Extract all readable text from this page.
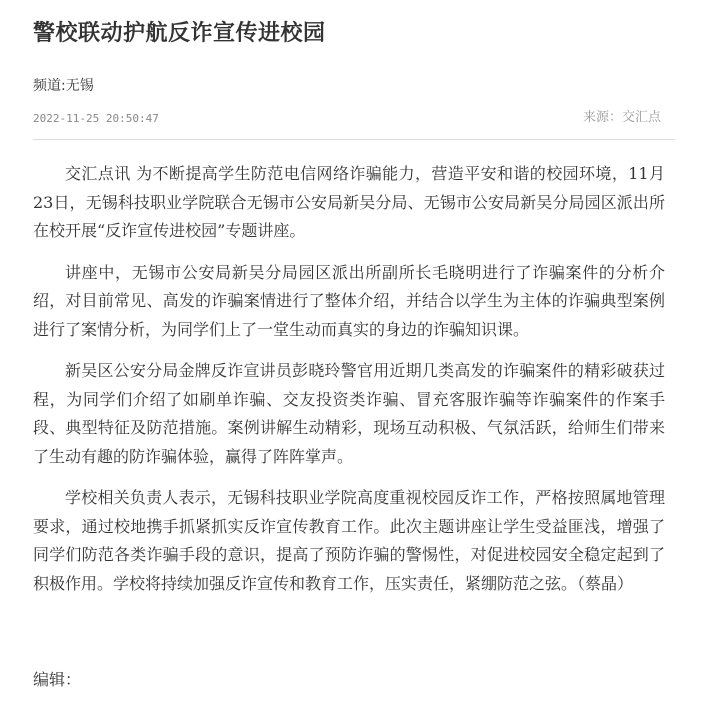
警校联动护航反诈宣传进校园
频道:无锡
2022-11-25 20:50:47	来源：交汇点

交汇点讯 为不断提高学生防范电信网络诈骗能力，营造平安和谐的校园环境，11月23日，无锡科技职业学院联合无锡市公安局新吴分局、无锡市公安局新吴分局园区派出所在校开展“反诈宣传进校园”专题讲座。

讲座中，无锡市公安局新吴分局园区派出所副所长毛晓明进行了诈骗案件的分析介绍，对目前常见、高发的诈骗案情进行了整体介绍，并结合以学生为主体的诈骗典型案例进行了案情分析，为同学们上了一堂生动而真实的身边的诈骗知识课。

新吴区公安分局金牌反诈宣讲员彭晓玲警官用近期几类高发的诈骗案件的精彩破获过程，为同学们介绍了如刷单诈骗、交友投资类诈骗、冒充客服诈骗等诈骗案件的作案手段、典型特征及防范措施。案例讲解生动精彩，现场互动积极、气氛活跃，给师生们带来了生动有趣的防诈骗体验，赢得了阵阵掌声。

学校相关负责人表示，无锡科技职业学院高度重视校园反诈工作，严格按照属地管理要求，通过校地携手抓紧抓实反诈宣传教育工作。此次主题讲座让学生受益匪浅，增强了同学们防范各类诈骗手段的意识，提高了预防诈骗的警惕性，对促进校园安全稳定起到了积极作用。学校将持续加强反诈宣传和教育工作，压实责任，紧绷防范之弦。（蔡晶）

编辑：
